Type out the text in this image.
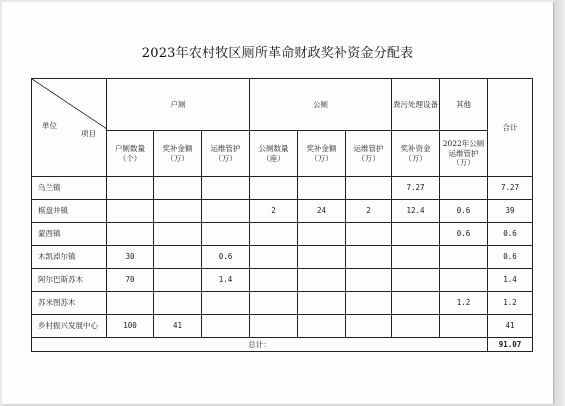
2023年农村牧区厕所革命财政奖补资金分配表
项目
单位	户厕			公厕			粪污处理设备	其他	合计
	户厕数量（个）	奖补金额（万）	运维管护（万）	公厕数量（座）	奖补金额（万）	运维管护（万）	奖补资金（万）	2022年公厕运维管护（万）	
乌兰镇							7.27		7.27
棋盘井镇				2	24	2	12.4	0.6	39
蒙西镇								0.6	0.6
木凯淖尔镇	30		0.6						0.6
阿尔巴斯苏木	70		1.4						1.4
苏米图苏木								1.2	1.2
乡村振兴发展中心	100	41							41
总计：									91.07
